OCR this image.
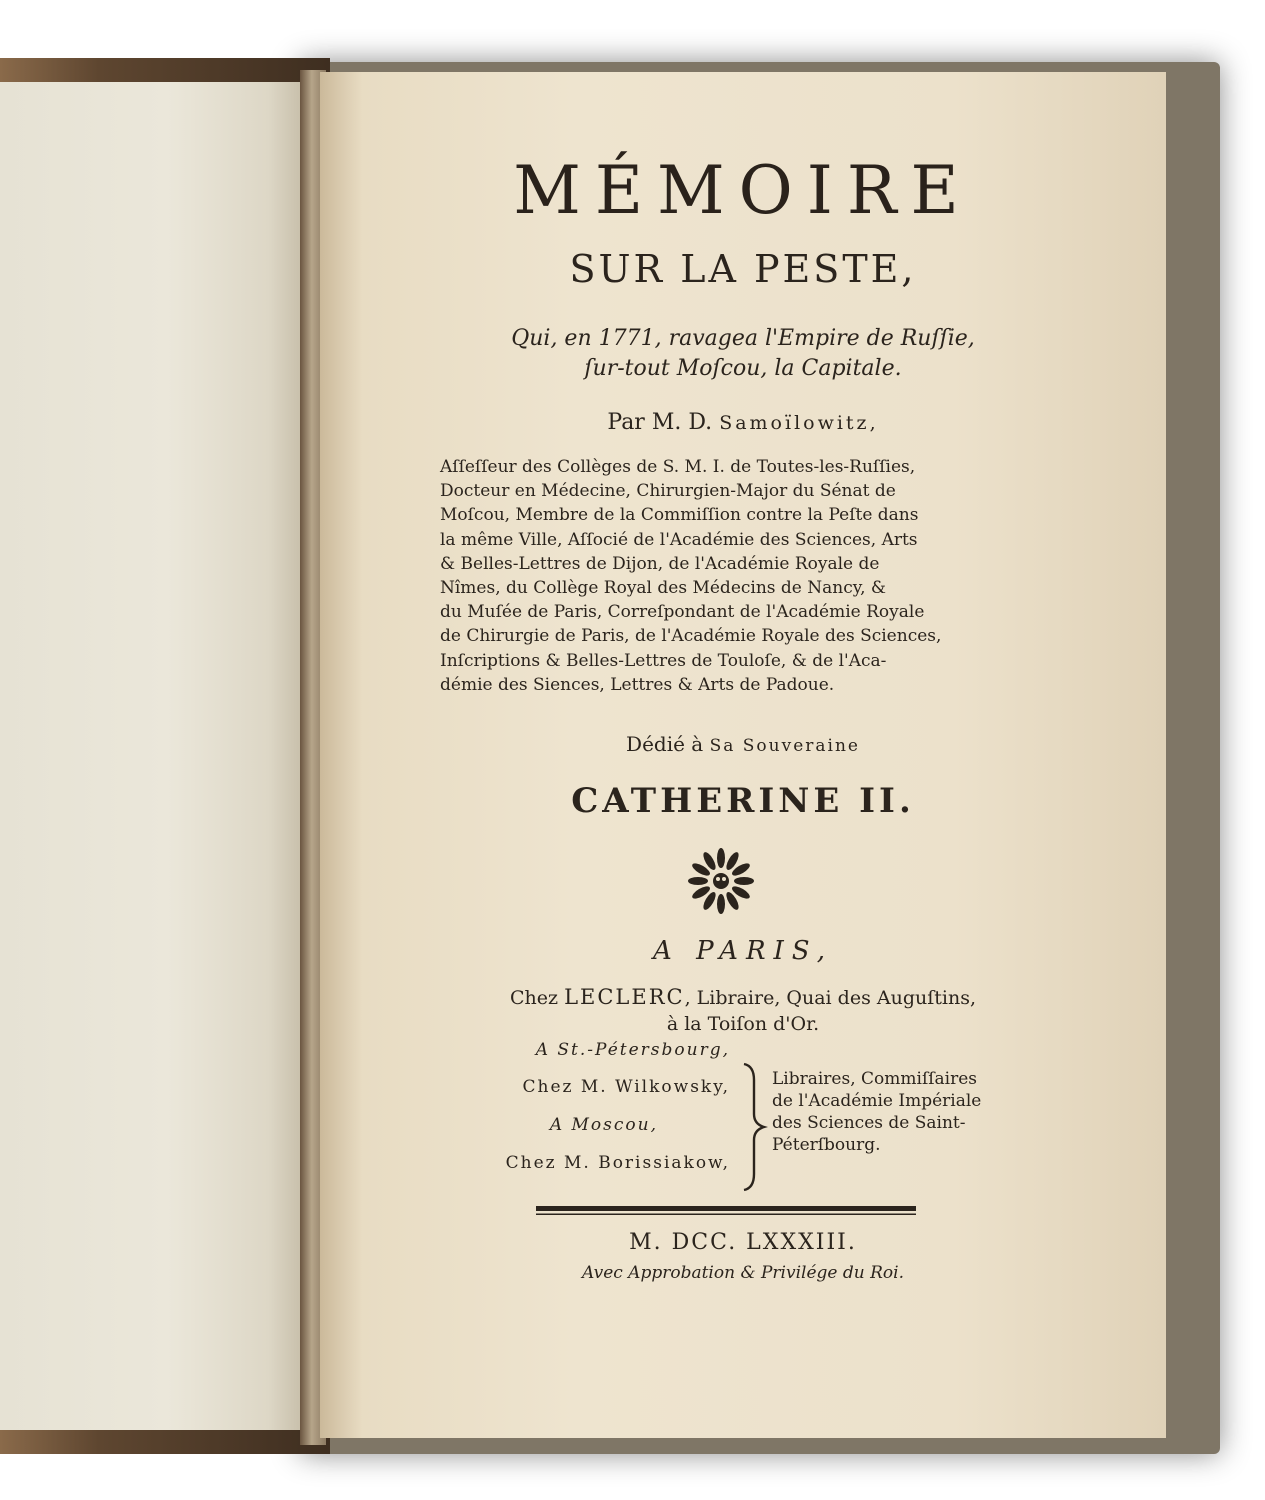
MÉMOIRE
SUR LA PESTE,
Qui, en 1771, ravagea l'Empire de Ruſſie,
ſur-tout Moſcou, la Capitale.
Par M. D. Samoïlowitz,
Aſſeſſeur des Collèges de S. M. I. de Toutes-les-Ruſſies,
Docteur en Médecine, Chirurgien-Major du Sénat de
Moſcou, Membre de la Commiſſion contre la Peſte dans
la même Ville, Aſſocié de l'Académie des Sciences, Arts
& Belles-Lettres de Dijon, de l'Académie Royale de
Nîmes, du Collège Royal des Médecins de Nancy, &
du Muſée de Paris, Correſpondant de l'Académie Royale
de Chirurgie de Paris, de l'Académie Royale des Sciences,
Inſcriptions & Belles-Lettres de Touloſe, & de l'Aca-
démie des Siences, Lettres & Arts de Padoue.
Dédié à Sa Souveraine
CATHERINE II.
A PARIS,
Chez LECLERC, Libraire, Quai des Auguſtins,
à la Toiſon d'Or.
A St.-Pétersbourg,
Chez M. Wilkowsky,
A Moscou,
Chez M. Borissiakow,
Libraires, Commiſſaires
de l'Académie Impériale
des Sciences de Saint-
Péterſbourg.
M. DCC. LXXXIII.
Avec Approbation & Privilége du Roi.
